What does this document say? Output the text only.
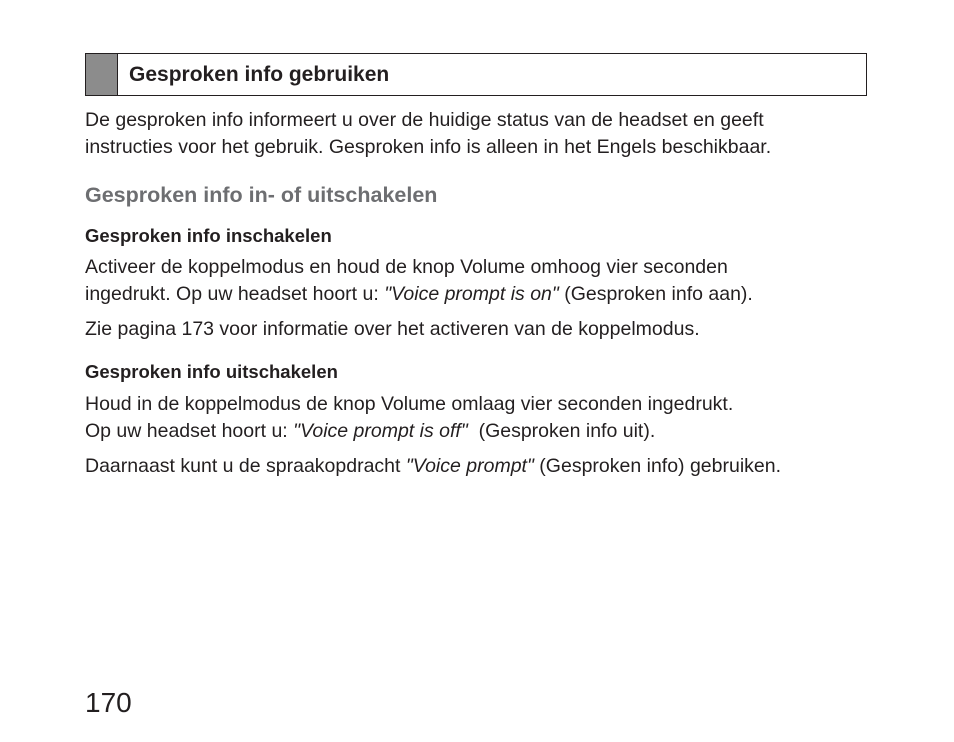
Gesproken info gebruiken

De gesproken info informeert u over de huidige status van de headset en geeft
instructies voor het gebruik. Gesproken info is alleen in het Engels beschikbaar.

Gesproken info in- of uitschakelen
Gesproken info inschakelen

Activeer de koppelmodus en houd de knop Volume omhoog vier seconden
ingedrukt. Op uw headset hoort u: "Voice prompt is on" (Gesproken info aan).

Zie pagina 173 voor informatie over het activeren van de koppelmodus.

Gesproken info uitschakelen

Houd in de koppelmodus de knop Volume omlaag vier seconden ingedrukt.
Op uw headset hoort u: "Voice prompt is off"  (Gesproken info uit).

Daarnaast kunt u de spraakopdracht "Voice prompt" (Gesproken info) gebruiken.

170
